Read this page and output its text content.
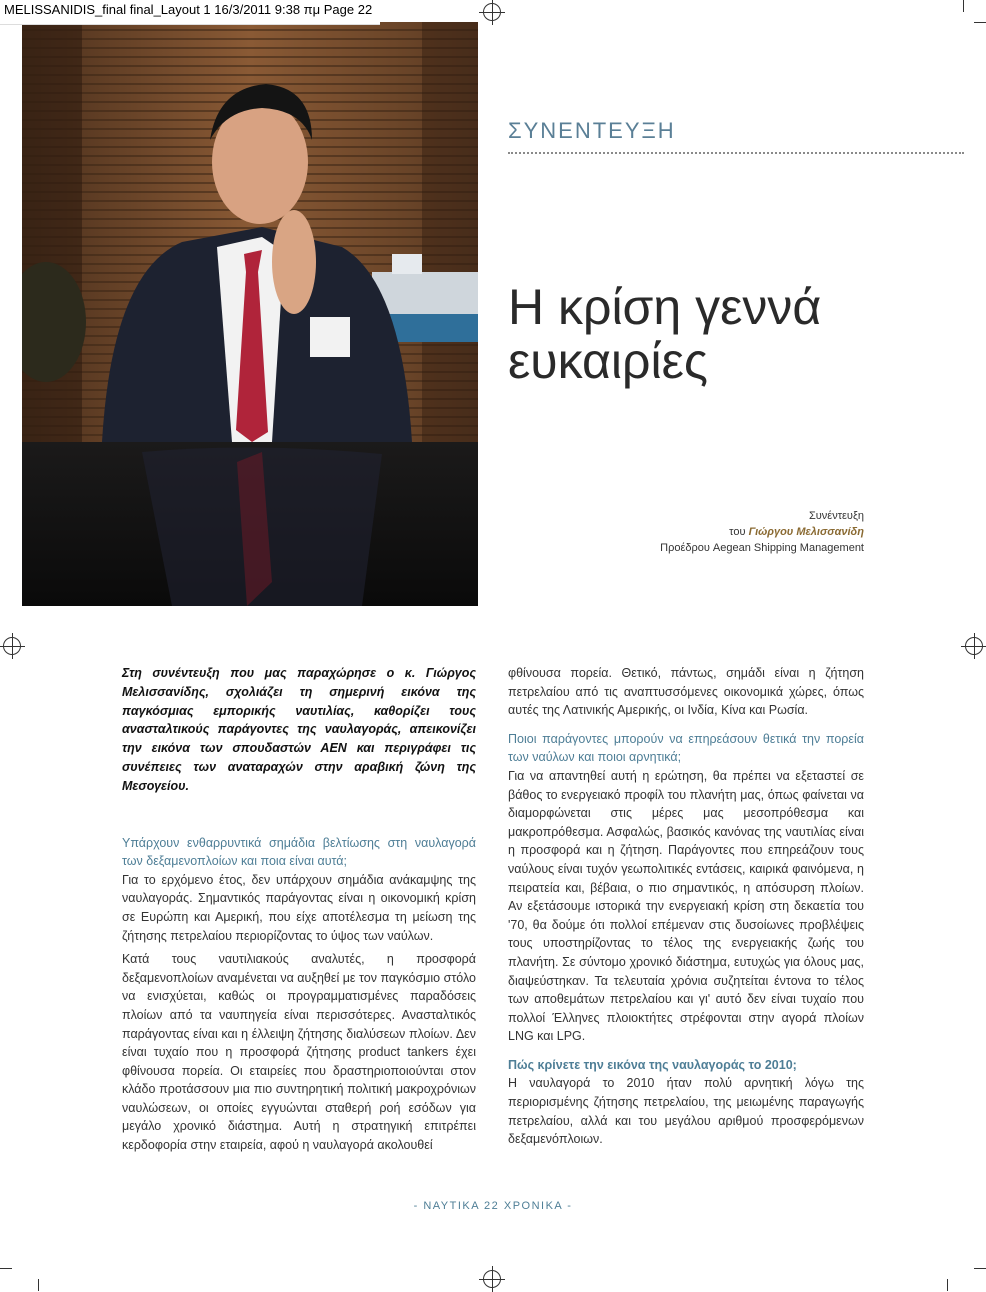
MELISSANIDIS_final final_Layout 1 16/3/2011 9:38 πμ Page 22
ΣΥΝΕΝΤΕΥΞΗ
Η κρίση γεννά
ευκαιρίες
Συνέντευξη
του Γιώργου Μελισσανίδη
Προέδρου Aegean Shipping Management

Στη συνέντευξη που μας παραχώρησε ο κ. Γιώργος Μελισσανίδης, σχολιάζει τη σημερινή εικόνα της παγκόσμιας εμπορικής ναυτιλίας, καθορίζει τους ανασταλτικούς παράγοντες της ναυλαγοράς, απεικονίζει την εικόνα των σπουδαστών ΑΕΝ και περιγράφει τις συνέπειες των αναταραχών στην αραβική ζώνη της Μεσογείου.

Υπάρχουν ενθαρρυντικά σημάδια βελτίωσης στη ναυλαγορά των δεξαμενοπλοίων και ποια είναι αυτά;

Για το ερχόμενο έτος, δεν υπάρχουν σημάδια ανάκαμψης της ναυλαγοράς. Σημαντικός παράγοντας είναι η οικονομική κρίση σε Ευρώπη και Αμερική, που είχε αποτέλεσμα τη μείωση της ζήτησης πετρελαίου περιορίζοντας το ύψος των ναύλων.

Κατά τους ναυτιλιακούς αναλυτές, η προσφορά δεξαμενοπλοίων αναμένεται να αυξηθεί με τον παγκόσμιο στόλο να ενισχύεται, καθώς οι προγραμματισμένες παραδόσεις πλοίων από τα ναυπηγεία είναι περισσότερες. Ανασταλτικός παράγοντας είναι και η έλλειψη ζήτησης διαλύσεων πλοίων. Δεν είναι τυχαίο που η προσφορά ζήτησης product tankers έχει φθίνουσα πορεία. Οι εταιρείες που δραστηριοποιούνται στον κλάδο προτάσσουν μια πιο συντηρητική πολιτική μακροχρόνιων ναυλώσεων, οι οποίες εγγυώνται σταθερή ροή εσόδων για μεγάλο χρονικό διάστημα. Αυτή η στρατηγική επιτρέπει κερδοφορία στην εταιρεία, αφού η ναυλαγορά ακολουθεί

φθίνουσα πορεία. Θετικό, πάντως, σημάδι είναι η ζήτηση πετρελαίου από τις αναπτυσσόμενες οικονομικά χώρες, όπως αυτές της Λατινικής Αμερικής, οι Ινδία, Κίνα και Ρωσία.

Ποιοι παράγοντες μπορούν να επηρεάσουν θετικά την πορεία των ναύλων και ποιοι αρνητικά;

Για να απαντηθεί αυτή η ερώτηση, θα πρέπει να εξεταστεί σε βάθος το ενεργειακό προφίλ του πλανήτη μας, όπως φαίνεται να διαμορφώνεται στις μέρες μας μεσοπρόθεσμα και μακροπρόθεσμα. Ασφαλώς, βασικός κανόνας της ναυτιλίας είναι η προσφορά και η ζήτηση. Παράγοντες που επηρεάζουν τους ναύλους είναι τυχόν γεωπολιτικές εντάσεις, καιρικά φαινόμενα, η πειρατεία και, βέβαια, ο πιο σημαντικός, η απόσυρση πλοίων. Αν εξετάσουμε ιστορικά την ενεργειακή κρίση στη δεκαετία του '70, θα δούμε ότι πολλοί επέμεναν στις δυσοίωνες προβλέψεις τους υποστηρίζοντας το τέλος της ενεργειακής ζωής του πλανήτη. Σε σύντομο χρονικό διάστημα, ευτυχώς για όλους μας, διαψεύστηκαν. Τα τελευταία χρόνια συζητείται έντονα το τέλος των αποθεμάτων πετρελαίου και γι' αυτό δεν είναι τυχαίο που πολλοί Έλληνες πλοιοκτήτες στρέφονται στην αγορά πλοίων LNG και LPG.

Πώς κρίνετε την εικόνα της ναυλαγοράς το 2010;

Η ναυλαγορά το 2010 ήταν πολύ αρνητική λόγω της περιορισμένης ζήτησης πετρελαίου, της μειωμένης παραγωγής πετρελαίου, αλλά και του μεγάλου αριθμού προσφερόμενων δεξαμενόπλοιων.

- ΝΑΥΤΙΚΑ 22 ΧΡΟΝΙΚΑ -
